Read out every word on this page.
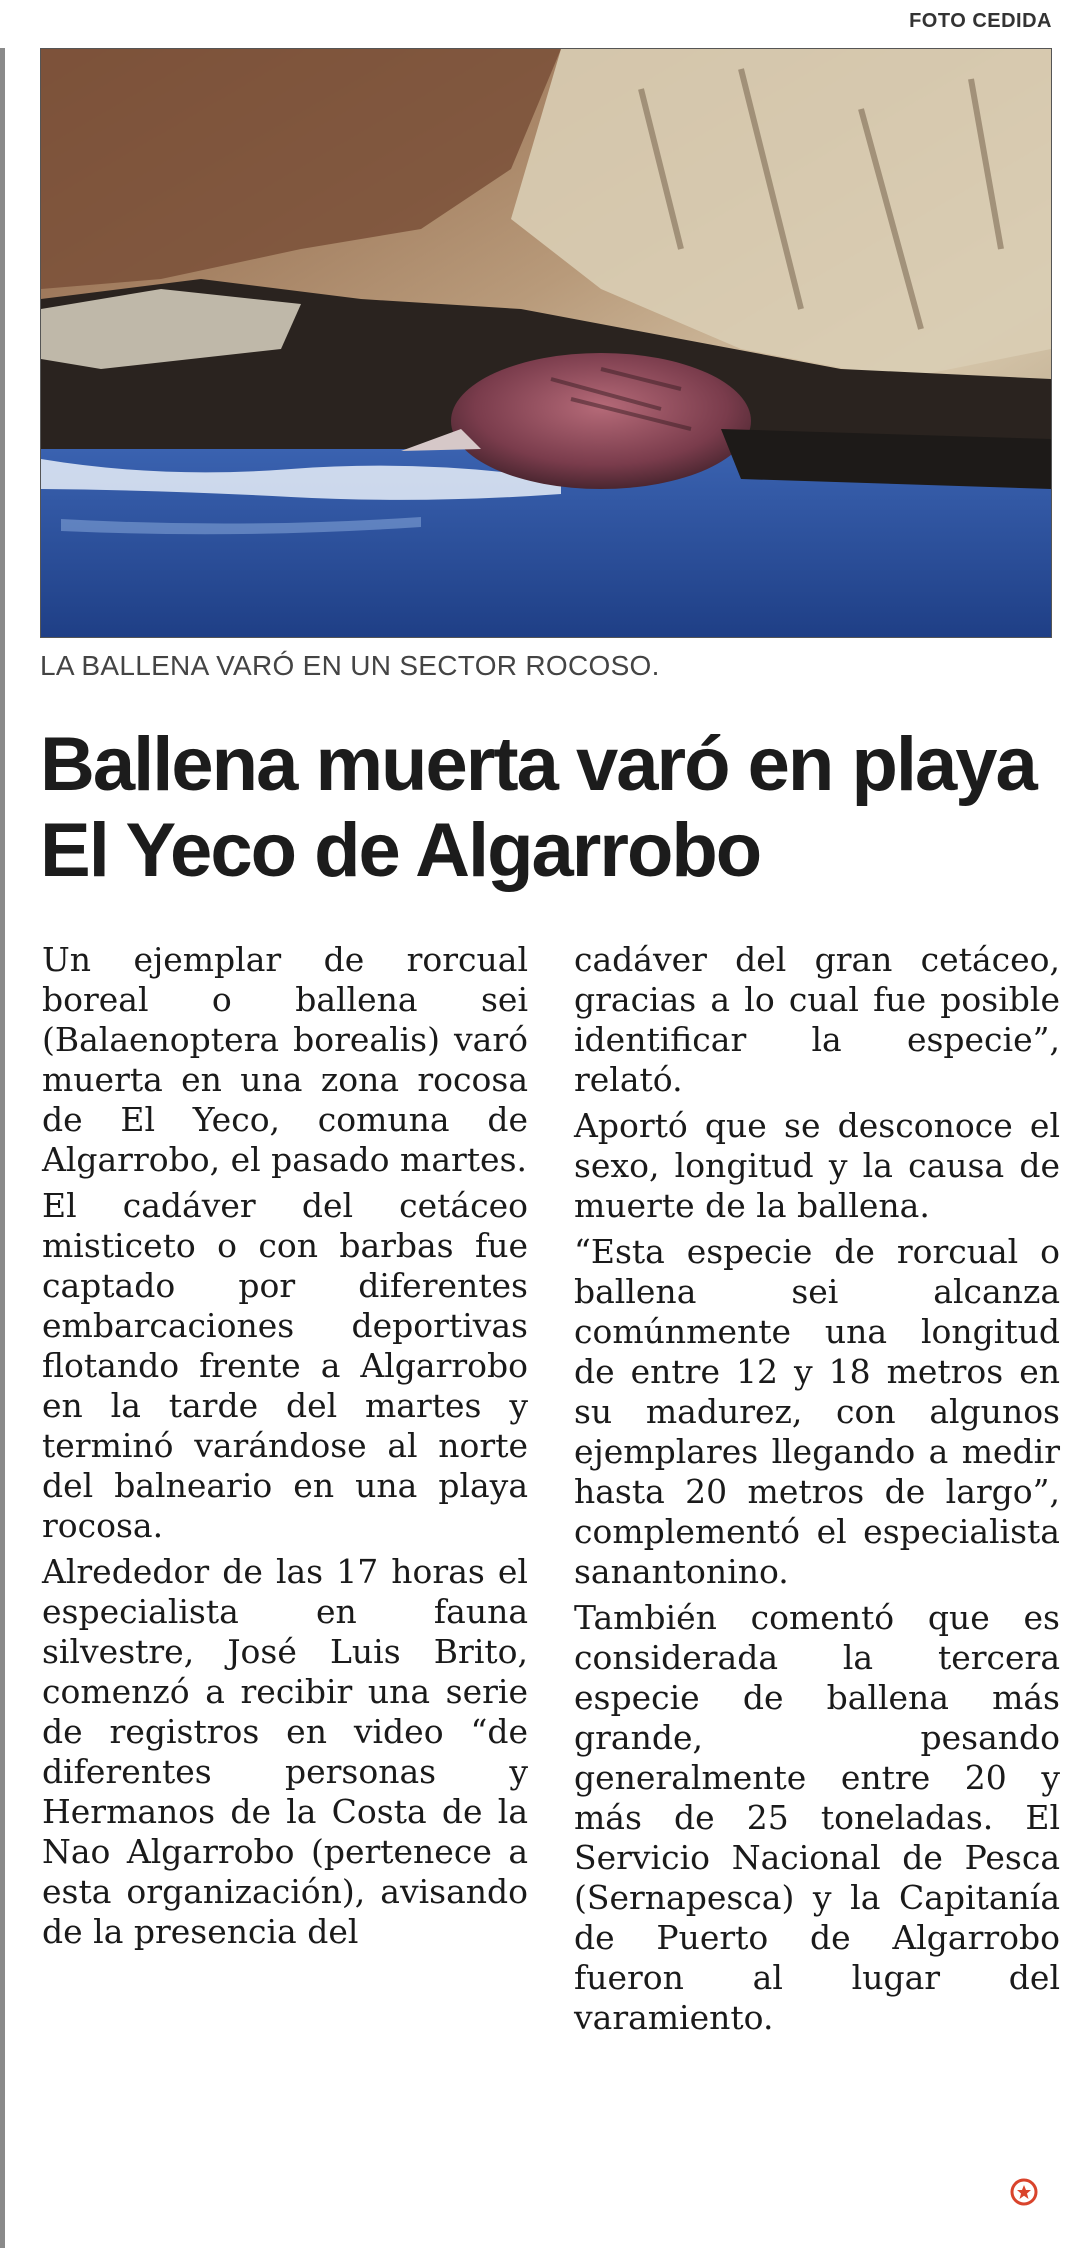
FOTO CEDIDA
LA BALLENA VARÓ EN UN SECTOR ROCOSO.
Ballena muerta varó en playa El Yeco de Algarrobo

Un ejemplar de rorcual boreal o ballena sei (Balaenoptera borealis) varó muerta en una zona rocosa de El Yeco, comuna de Algarrobo, el pasado martes.

El cadáver del cetáceo misticeto o con barbas fue captado por diferentes embarcaciones deportivas flotando frente a Algarrobo en la tarde del martes y terminó varándose al norte del balneario en una playa rocosa.

Alrededor de las 17 horas el especialista en fauna silvestre, José Luis Brito, comenzó a recibir una serie de registros en video “de diferentes personas y Hermanos de la Costa de la Nao Algarrobo (pertenece a esta organización), avisando de la presencia del

cadáver del gran cetáceo, gracias a lo cual fue posible identificar la especie”, relató.

Aportó que se desconoce el sexo, longitud y la causa de muerte de la ballena.

“Esta especie de rorcual o ballena sei alcanza comúnmente una longitud de entre 12 y 18 metros en su madurez, con algunos ejemplares llegando a medir hasta 20 metros de largo”, complementó el especialista sanantonino.

También comentó que es considerada la tercera especie de ballena más grande, pesando generalmente entre 20 y más de 25 toneladas. El Servicio Nacional de Pesca (Sernapesca) y la Capitanía de Puerto de Algarrobo fueron al lugar del varamiento.
